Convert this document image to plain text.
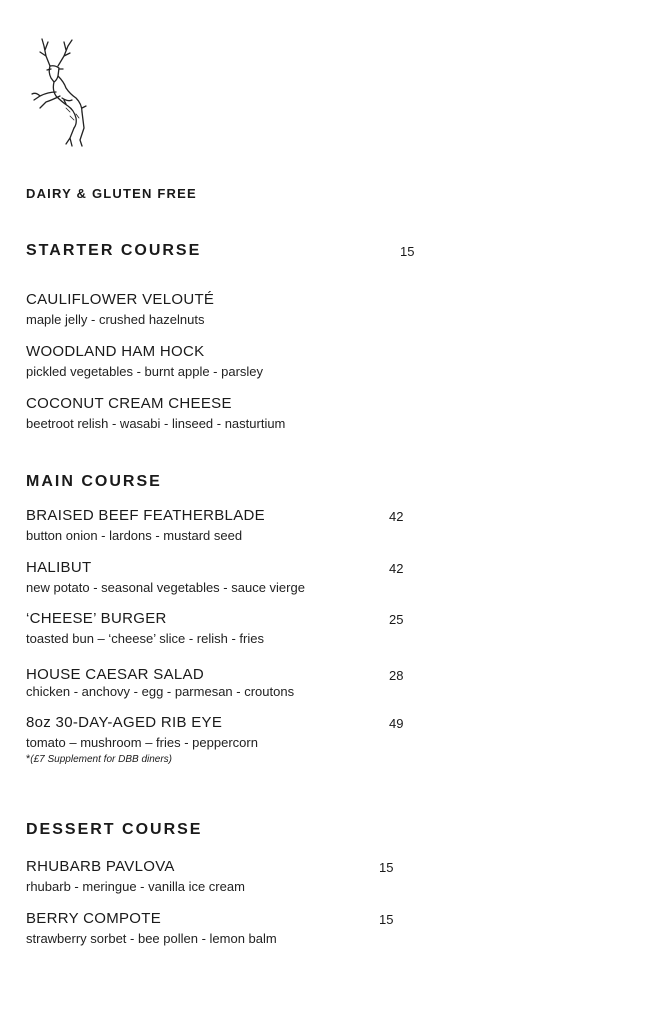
DAIRY & GLUTEN FREE
STARTER COURSE	15
CAULIFLOWER VELOUTÉ
maple jelly - crushed hazelnuts
WOODLAND HAM HOCK
pickled vegetables - burnt apple - parsley
COCONUT CREAM CHEESE
beetroot relish - wasabi - linseed - nasturtium
MAIN COURSE
BRAISED BEEF FEATHERBLADE	42
button onion - lardons - mustard seed
HALIBUT	42
new potato - seasonal vegetables - sauce vierge
‘CHEESE’ BURGER	25
toasted bun – ‘cheese’ slice - relish - fries
HOUSE CAESAR SALAD	28
chicken - anchovy - egg - parmesan - croutons
8oz 30-DAY-AGED RIB EYE	49
tomato – mushroom – fries - peppercorn
*(£7 Supplement for DBB diners)
DESSERT COURSE
RHUBARB PAVLOVA	15
rhubarb - meringue - vanilla ice cream
BERRY COMPOTE	15
strawberry sorbet - bee pollen - lemon balm
